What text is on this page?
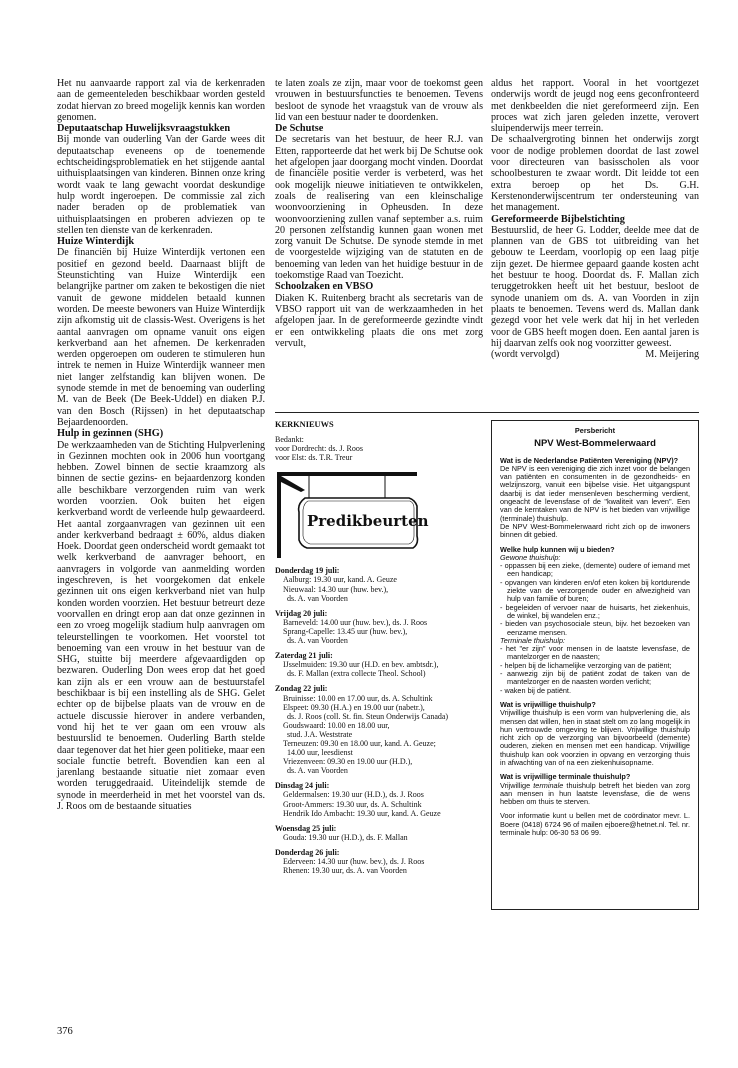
Het nu aanvaarde rapport zal via de kerkenraden aan de gemeenteleden beschikbaar worden gesteld zodat hiervan zo breed mogelijk kennis kan worden genomen.

Deputaatschap Huwelijksvraagstukken

Bij monde van ouderling Van der Garde wees dit deputaatschap eveneens op de toenemende echtscheidingsproblematiek en het stijgende aantal uithuisplaatsingen van kinderen. Binnen onze kring wordt vaak te lang gewacht voordat deskundige hulp wordt ingeroepen. De commissie zal zich nader beraden op de problematiek van uithuisplaatsingen en proberen adviezen op te stellen ten dienste van de kerkenraden.

Huize Winterdijk

De financiën bij Huize Winterdijk vertonen een positief en gezond beeld. Daarnaast blijft de Steunstichting van Huize Winterdijk een belangrijke partner om zaken te bekostigen die niet vanuit de gewone middelen betaald kunnen worden. De meeste bewoners van Huize Winterdijk zijn afkomstig uit de classis-West. Overigens is het aantal aanvragen om opname vanuit ons eigen kerkverband aan het afnemen. De kerkenraden werden opgeroepen om ouderen te stimuleren hun intrek te nemen in Huize Winterdijk wanneer men niet langer zelfstandig kan blijven wonen. De synode stemde in met de benoeming van ouderling M. van de Beek (De Beek-Uddel) en diaken P.J. van den Bosch (Rijssen) in het deputaatschap Bejaardenoorden.

Hulp in gezinnen (SHG)

De werkzaamheden van de Stichting Hulpverlening in Gezinnen mochten ook in 2006 hun voortgang hebben. Zowel binnen de sectie kraamzorg als binnen de sectie gezins- en bejaardenzorg konden alle beschikbare verzorgenden ruim van werk worden voorzien. Ook buiten het eigen kerkverband wordt de verleende hulp gewaardeerd. Het aantal zorgaanvragen van gezinnen uit een ander kerkverband bedraagt ± 60%, aldus diaken Hoek. Doordat geen onderscheid wordt gemaakt tot welk kerkverband de aanvrager behoort, en aanvragers in volgorde van aanmelding worden ingeschreven, is het voorgekomen dat enkele gezinnen uit ons eigen kerkverband niet van hulp konden worden voorzien. Het bestuur betreurt deze voorvallen en dringt erop aan dat onze gezinnen in een zo vroeg mogelijk stadium hulp aanvragen om teleurstellingen te voorkomen. Het voorstel tot benoeming van een vrouw in het bestuur van de SHG, stuitte bij meerdere afgevaardigden op bezwaren. Ouderling Don wees erop dat het goed kan zijn als er een vrouw aan de bestuurstafel beschikbaar is bij een instelling als de SHG. Gelet echter op de bijbelse plaats van de vrouw en de actuele discussie hierover in andere verbanden, vond hij het te ver gaan om een vrouw als bestuurslid te benoemen. Ouderling Barth stelde daar tegenover dat het hier geen politieke, maar een sociale functie betreft. Bovendien kan een al jarenlang bestaande situatie niet zomaar even worden teruggedraaid. Uiteindelijk stemde de synode in meerderheid in met het voorstel van ds. J. Roos om de bestaande situaties

te laten zoals ze zijn, maar voor de toekomst geen vrouwen in bestuursfuncties te benoemen. Tevens besloot de synode het vraagstuk van de vrouw als lid van een bestuur nader te doordenken.

De Schutse

De secretaris van het bestuur, de heer R.J. van Etten, rapporteerde dat het werk bij De Schutse ook het afgelopen jaar doorgang mocht vinden. Doordat de financiële positie verder is verbeterd, was het ook mogelijk nieuwe initiatieven te ontwikkelen, zoals de realisering van een kleinschalige woonvoorziening in Opheusden. In deze woonvoorziening zullen vanaf september a.s. ruim 20 personen zelfstandig kunnen gaan wonen met zorg vanuit De Schutse. De synode stemde in met de voorgestelde wijziging van de statuten en de benoeming van leden van het huidige bestuur in de toekomstige Raad van Toezicht.

Schoolzaken en VBSO

Diaken K. Ruitenberg bracht als secretaris van de VBSO rapport uit van de werkzaamheden in het afgelopen jaar. In de gereformeerde gezindte vindt er een ontwikkeling plaats die ons met zorg vervult,

aldus het rapport. Vooral in het voortgezet onderwijs wordt de jeugd nog eens geconfronteerd met denkbeelden die niet gereformeerd zijn. Een proces wat zich jaren geleden inzette, verovert sluipenderwijs meer terrein.

De schaalvergroting binnen het onderwijs zorgt voor de nodige problemen doordat de last zowel voor directeuren van basisscholen als voor schoolbesturen te zwaar wordt. Dit leidde tot een extra beroep op het Ds. G.H. Kerstenonderwijscentrum ter ondersteuning van het management.

Gereformeerde Bijbelstichting

Bestuurslid, de heer G. Lodder, deelde mee dat de plannen van de GBS tot uitbreiding van het gebouw te Leerdam, voorlopig op een laag pitje zijn gezet. De hiermee gepaard gaande kosten acht het bestuur te hoog. Doordat ds. F. Mallan zich teruggetrokken heeft uit het bestuur, besloot de synode unaniem om ds. A. van Voorden in zijn plaats te benoemen. Tevens werd ds. Mallan dank gezegd voor het vele werk dat hij in het verleden voor de GBS heeft mogen doen. Een aantal jaren is hij daarvan zelfs ook nog voorzitter geweest.

(wordt vervolgd)	M. Meijering

KERKNIEUWS
Bedankt:
voor Dordrecht: ds. J. Roos
voor Elst: ds. T.R. Treur
Predikbeurten
Donderdag 19 juli:
Aalburg: 19.30 uur, kand. A. Geuze
Nieuwaal: 14.30 uur (huw. bev.),
ds. A. van Voorden
Vrijdag 20 juli:
Barneveld: 14.00 uur (huw. bev.), ds. J. Roos
Sprang-Capelle: 13.45 uur (huw. bev.),
ds. A. van Voorden
Zaterdag 21 juli:
IJsselmuiden: 19.30 uur (H.D. en bev. ambtsdr.),
ds. F. Mallan (extra collecte Theol. School)
Zondag 22 juli:
Bruinisse: 10.00 en 17.00 uur, ds. A. Schultink
Elspeet: 09.30 (H.A.) en 19.00 uur (nabetr.),
ds. J. Roos (coll. St. fin. Steun Onderwijs Canada)
Goudswaard: 10.00 en 18.00 uur,
stud. J.A. Weststrate
Terneuzen: 09.30 en 18.00 uur, kand. A. Geuze;
14.00 uur, leesdienst
Vriezenveen: 09.30 en 19.00 uur (H.D.),
ds. A. van Voorden
Dinsdag 24 juli:
Geldermalsen: 19.30 uur (H.D.), ds. J. Roos
Groot-Ammers: 19.30 uur, ds. A. Schultink
Hendrik Ido Ambacht: 19.30 uur, kand. A. Geuze
Woensdag 25 juli:
Gouda: 19.30 uur (H.D.), ds. F. Mallan
Donderdag 26 juli:
Ederveen: 14.30 uur (huw. bev.), ds. J. Roos
Rhenen: 19.30 uur, ds. A. van Voorden
Persbericht
NPV West-Bommelerwaard

Wat is de Nederlandse Patiënten Vereniging (NPV)?

De NPV is een vereniging die zich inzet voor de belangen van patiënten en consumenten in de gezondheids- en welzijnszorg, vanuit een bijbelse visie. Het uitgangspunt daarbij is dat ieder mensenleven bescherming verdient, ongeacht de levensfase of de "kwaliteit van leven". Een van de kerntaken van de NPV is het bieden van vrijwillige (terminale) thuishulp.

De NPV West-Bommelerwaard richt zich op de inwoners binnen dit gebied.

Welke hulp kunnen wij u bieden?

Gewone thuishulp:

- oppassen bij een zieke, (demente) oudere of iemand met een handicap;

- opvangen van kinderen en/of eten koken bij kortdurende ziekte van de verzorgende ouder en afwezigheid van hulp van familie of buren;

- begeleiden of vervoer naar de huisarts, het ziekenhuis, de winkel, bij wandelen enz.;

- bieden van psychosociale steun, bijv. het bezoeken van eenzame mensen.

Terminale thuishulp:

- het "er zijn" voor mensen in de laatste levensfase, de mantelzorger en de naasten;

- helpen bij de lichamelijke verzorging van de patiënt;

- aanwezig zijn bij de patiënt zodat de taken van de mantelzorger en de naasten worden verlicht;

- waken bij de patiënt.

Wat is vrijwillige thuishulp?

Vrijwillige thuishulp is een vorm van hulpverlening die, als mensen dat willen, hen in staat stelt om zo lang mogelijk in hun vertrouwde omgeving te blijven. Vrijwillige thuishulp richt zich op de verzorging van bijvoorbeeld (demente) ouderen, zieken en mensen met een handicap. Vrijwillige thuishulp kan ook voorzien in opvang en verzorging thuis in afwachting van of na een ziekenhuisopname.

Wat is vrijwillige terminale thuishulp?

Vrijwillige terminale thuishulp betreft het bieden van zorg aan mensen in hun laatste levensfase, die de wens hebben om thuis te sterven.

Voor informatie kunt u bellen met de coördinator mevr. L. Boere (0418) 6724 96 of mailen ejboere@hetnet.nl. Tel. nr. terminale hulp: 06-30 53 06 99.

376
